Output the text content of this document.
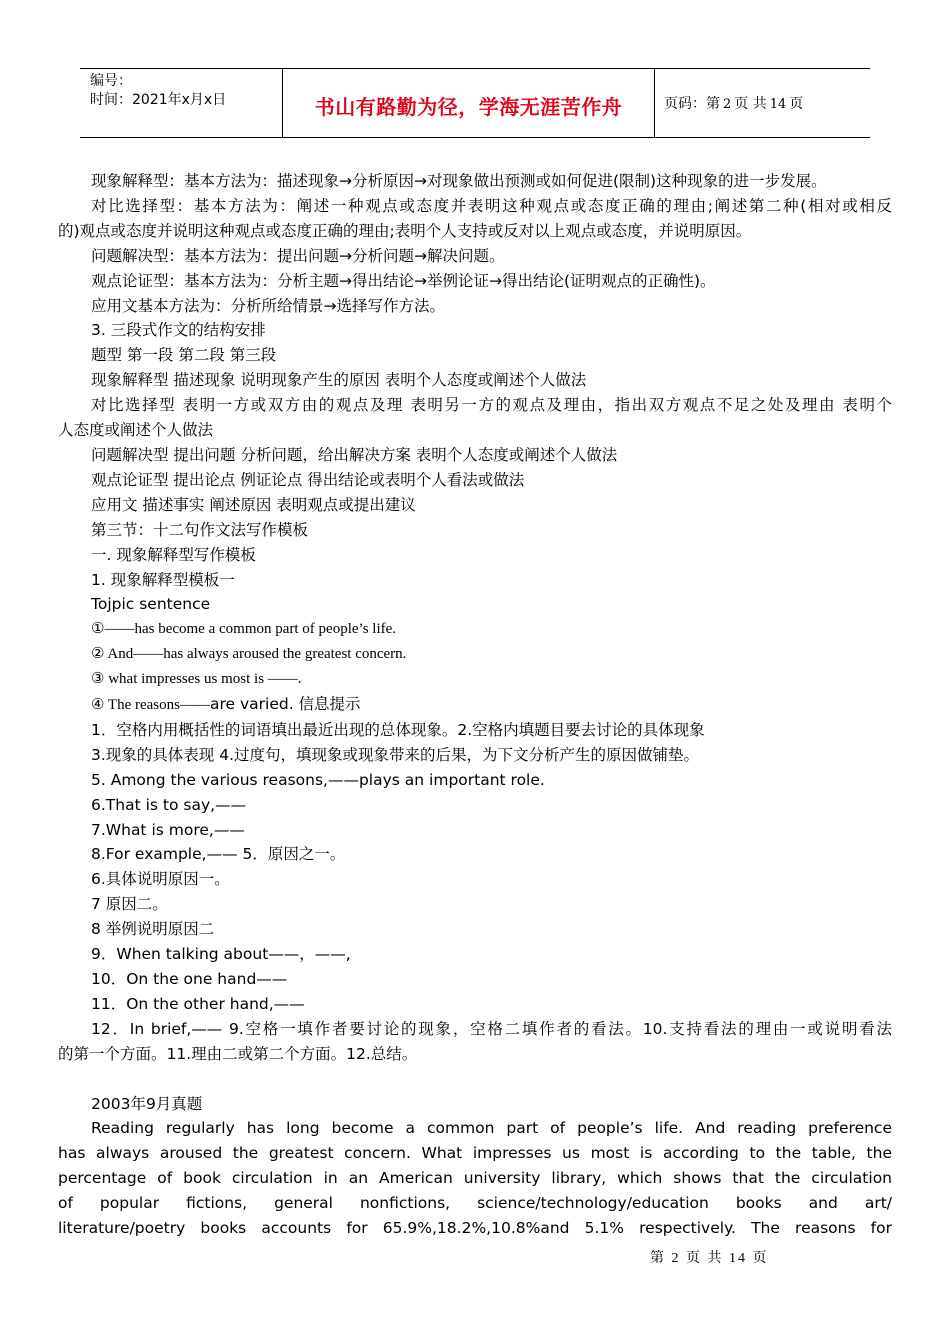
编号：
时间：2021年x月x日	书山有路勤为径，学海无涯苦作舟	页码：第 2 页 共 14 页
现象解释型：基本方法为：描述现象→分析原因→对现象做出预测或如何促进(限制)这种现象的进一步发展。
对比选择型：基本方法为：阐述一种观点或态度并表明这种观点或态度正确的理由;阐述第二种(相对或相反
的)观点或态度并说明这种观点或态度正确的理由;表明个人支持或反对以上观点或态度，并说明原因。
问题解决型：基本方法为：提出问题→分析问题→解决问题。
观点论证型：基本方法为：分析主题→得出结论→举例论证→得出结论(证明观点的正确性)。
应用文基本方法为：分析所给情景→选择写作方法。
3. 三段式作文的结构安排
题型 第一段 第二段 第三段
现象解释型 描述现象 说明现象产生的原因 表明个人态度或阐述个人做法
对比选择型 表明一方或双方由的观点及理 表明另一方的观点及理由，指出双方观点不足之处及理由 表明个
人态度或阐述个人做法
问题解决型 提出问题 分析问题，给出解决方案 表明个人态度或阐述个人做法
观点论证型 提出论点 例证论点 得出结论或表明个人看法或做法
应用文 描述事实 阐述原因 表明观点或提出建议
第三节：十二句作文法写作模板
一. 现象解释型写作模板
1. 现象解释型模板一
Tojpic sentence
①——has become a common part of people’s life.
② And——has always aroused the greatest concern.
③ what impresses us most is ——.
④ The reasons——are varied. 信息提示
1．空格内用概括性的词语填出最近出现的总体现象。2.空格内填题目要去讨论的具体现象
3.现象的具体表现 4.过度句，填现象或现象带来的后果，为下文分析产生的原因做铺垫。
5. Among the various reasons,——plays an important role.
6.That is to say,——
7.What is more,——
8.For example,—— 5．原因之一。
6.具体说明原因一。
7 原因二。
8 举例说明原因二
9．When talking about——，——,
10．On the one hand——
11．On the other hand,——
12．In brief,—— 9.空格一填作者要讨论的现象，空格二填作者的看法。10.支持看法的理由一或说明看法
的第一个方面。11.理由二或第二个方面。12.总结。
2003年9月真题
Reading regularly has long become a common part of people’s life. And reading preference
has always aroused the greatest concern. What impresses us most is according to the table, the
percentage of book circulation in an American university library, which shows that the circulation
of popular fictions, general nonfictions, science/technology/education books and art/
literature/poetry books accounts for 65.9%,18.2%,10.8%and 5.1% respectively. The reasons for
第 2 页 共 14 页
